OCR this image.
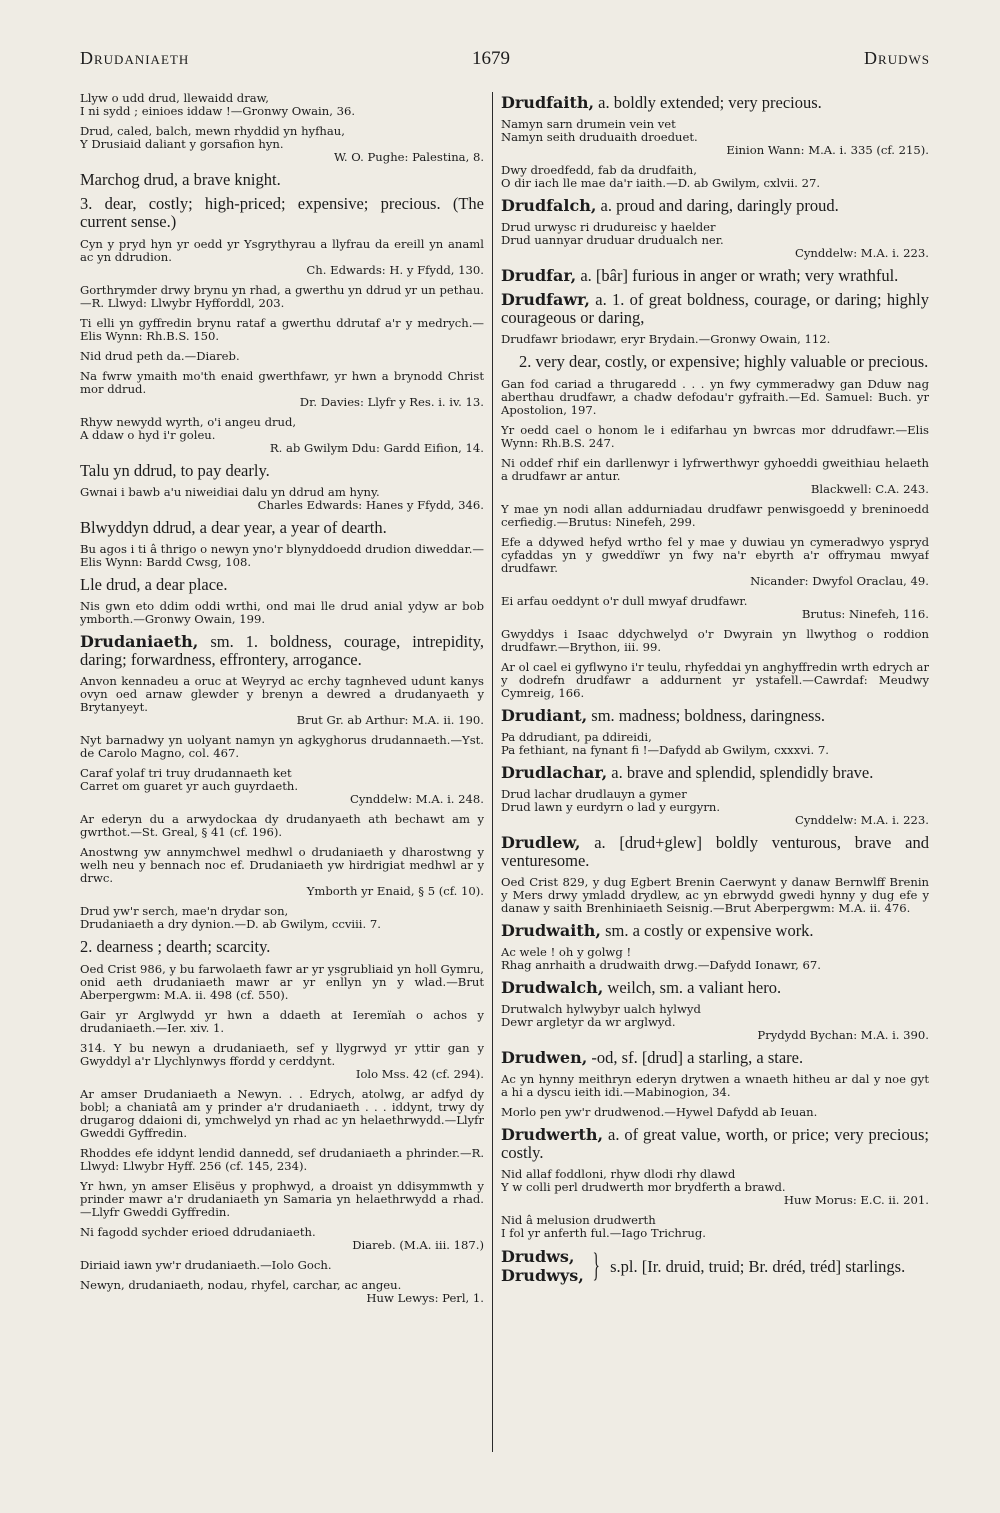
Drudaniaeth	1679	Drudws
Llyw o udd drud, llewaidd draw,
I ni sydd ; einioes iddaw !—Gronwy Owain, 36.
Drud, caled, balch, mewn rhyddid yn hyfhau,
Y Drusiaid daliant y gorsafion hyn.
W. O. Pughe: Palestina, 8.
Marchog drud, a brave knight.
3. dear, costly; high-priced; expensive; precious. (The current sense.)
Cyn y pryd hyn yr oedd yr Ysgrythyrau a llyfrau da ereill yn anaml ac yn ddrudion.
Ch. Edwards: H. y Ffydd, 130.
Gorthrymder drwy brynu yn rhad, a gwerthu yn ddrud yr un pethau.—R. Llwyd: Llwybr Hyfforddl, 203.
Ti elli yn gyffredin brynu rataf a gwerthu ddrutaf a'r y medrych.—Elis Wynn: Rh.B.S. 150.
Nid drud peth da.—Diareb.
Na fwrw ymaith mo'th enaid gwerthfawr, yr hwn a brynodd Christ mor ddrud.
Dr. Davies: Llyfr y Res. i. iv. 13.
Rhyw newydd wyrth, o'i angeu drud,
A ddaw o hyd i'r goleu.
R. ab Gwilym Ddu: Gardd Eifion, 14.
Talu yn ddrud, to pay dearly.
Gwnai i bawb a'u niweidiai dalu yn ddrud am hyny.
Charles Edwards: Hanes y Ffydd, 346.
Blwyddyn ddrud, a dear year, a year of dearth.
Bu agos i ti â thrigo o newyn yno'r blynyddoedd drudion diweddar.—Elis Wynn: Bardd Cwsg, 108.
Lle drud, a dear place.
Nis gwn eto ddim oddi wrthi, ond mai lle drud anial ydyw ar bob ymborth.—Gronwy Owain, 199.
Drudaniaeth, sm. 1. boldness, courage, intrepidity, daring; forwardness, effrontery, arrogance.
Anvon kennadeu a oruc at Weyryd ac erchy tagnheved udunt kanys ovyn oed arnaw glewder y brenyn a dewred a drudanyaeth y Brytanyeyt.
Brut Gr. ab Arthur: M.A. ii. 190.
Nyt barnadwy yn uolyant namyn yn agkyghorus drudannaeth.—Yst. de Carolo Magno, col. 467.
Caraf yolaf tri truy drudannaeth ket
Carret om guaret yr auch guyrdaeth.
Cynddelw: M.A. i. 248.
Ar ederyn du a arwydockaa dy drudanyaeth ath bechawt am y gwrthot.—St. Greal, § 41 (cf. 196).
Anostwng yw annymchwel medhwl o drudaniaeth y dharostwng y welh neu y bennach noc ef. Drudaniaeth yw hirdrigiat medhwl ar y drwc.
Ymborth yr Enaid, § 5 (cf. 10).
Drud yw'r serch, mae'n drydar son,
Drudaniaeth a dry dynion.—D. ab Gwilym, ccviii. 7.
2. dearness ; dearth; scarcity.
Oed Crist 986, y bu farwolaeth fawr ar yr ysgrubliaid yn holl Gymru, onid aeth drudaniaeth mawr ar yr enllyn yn y wlad.—Brut Aberpergwm: M.A. ii. 498 (cf. 550).
Gair yr Arglwydd yr hwn a ddaeth at Ieremïah o achos y drudaniaeth.—Ier. xiv. 1.
314. Y bu newyn a drudaniaeth, sef y llygrwyd yr yttir gan y Gwyddyl a'r Llychlynwys ffordd y cerddynt.
Iolo Mss. 42 (cf. 294).
Ar amser Drudaniaeth a Newyn. . . Edrych, atolwg, ar adfyd dy bobl; a chaniatâ am y prinder a'r drudaniaeth . . . iddynt, trwy dy drugarog ddaioni di, ymchwelyd yn rhad ac yn helaethrwydd.—Llyfr Gweddi Gyffredin.
Rhoddes efe iddynt lendid dannedd, sef drudaniaeth a phrinder.—R. Llwyd: Llwybr Hyff. 256 (cf. 145, 234).
Yr hwn, yn amser Elisëus y prophwyd, a droaist yn ddisymmwth y prinder mawr a'r drudaniaeth yn Samaria yn helaethrwydd a rhad.—Llyfr Gweddi Gyffredin.
Ni fagodd sychder erioed ddrudaniaeth.
Diareb. (M.A. iii. 187.)
Diriaid iawn yw'r drudaniaeth.—Iolo Goch.
Newyn, drudaniaeth, nodau, rhyfel, carchar, ac angeu.
Huw Lewys: Perl, 1.
Drudfaith, a. boldly extended; very precious.
Namyn sarn drumein vein vet
Namyn seith druduaith droeduet.
Einion Wann: M.A. i. 335 (cf. 215).
Dwy droedfedd, fab da drudfaith,
O dir iach lle mae da'r iaith.—D. ab Gwilym, cxlvii. 27.
Drudfalch, a. proud and daring, daringly proud.
Drud urwysc ri drudureisc y haelder
Drud uannyar druduar drudualch ner.
Cynddelw: M.A. i. 223.
Drudfar, a. [bâr] furious in anger or wrath; very wrathful.
Drudfawr, a. 1. of great boldness, courage, or daring; highly courageous or daring,
Drudfawr briodawr, eryr Brydain.—Gronwy Owain, 112.
2. very dear, costly, or expensive; highly valuable or precious.
Gan fod cariad a thrugaredd . . . yn fwy cymmeradwy gan Dduw nag aberthau drudfawr, a chadw defodau'r gyfraith.—Ed. Samuel: Buch. yr Apostolion, 197.
Yr oedd cael o honom le i edifarhau yn bwrcas mor ddrudfawr.—Elis Wynn: Rh.B.S. 247.
Ni oddef rhif ein darllenwyr i lyfrwerthwyr gyhoeddi gweithiau helaeth a drudfawr ar antur.
Blackwell: C.A. 243.
Y mae yn nodi allan addurniadau drudfawr penwisgoedd y breninoedd cerfiedig.—Brutus: Ninefeh, 299.
Efe a ddywed hefyd wrtho fel y mae y duwiau yn cymeradwyo yspryd cyfaddas yn y gweddïwr yn fwy na'r ebyrth a'r offrymau mwyaf drudfawr.
Nicander: Dwyfol Oraclau, 49.
Ei arfau oeddynt o'r dull mwyaf drudfawr.
Brutus: Ninefeh, 116.
Gwyddys i Isaac ddychwelyd o'r Dwyrain yn llwythog o roddion drudfawr.—Brython, iii. 99.
Ar ol cael ei gyflwyno i'r teulu, rhyfeddai yn anghyffredin wrth edrych ar y dodrefn drudfawr a addurnent yr ystafell.—Cawrdaf: Meudwy Cymreig, 166.
Drudiant, sm. madness; boldness, daringness.
Pa ddrudiant, pa ddireidi,
Pa fethiant, na fynant fi !—Dafydd ab Gwilym, cxxxvi. 7.
Drudlachar, a. brave and splendid, splendidly brave.
Drud lachar drudlauyn a gymer
Drud lawn y eurdyrn o lad y eurgyrn.
Cynddelw: M.A. i. 223.
Drudlew, a. [drud+glew] boldly venturous, brave and venturesome.
Oed Crist 829, y dug Egbert Brenin Caerwynt y danaw Bernwlff Brenin y Mers drwy ymladd drydlew, ac yn ebrwydd gwedi hynny y dug efe y danaw y saith Brenhiniaeth Seisnig.—Brut Aberpergwm: M.A. ii. 476.
Drudwaith, sm. a costly or expensive work.
Ac wele ! oh y golwg !
Rhag anrhaith a drudwaith drwg.—Dafydd Ionawr, 67.
Drudwalch, weilch, sm. a valiant hero.
Drutwalch hylwybyr ualch hylwyd
Dewr argletyr da wr arglwyd.
Prydydd Bychan: M.A. i. 390.
Drudwen, -od, sf. [drud] a starling, a stare.
Ac yn hynny meithryn ederyn drytwen a wnaeth hitheu ar dal y noe gyt a hi a dyscu ieith idi.—Mabinogion, 34.
Morlo pen yw'r drudwenod.—Hywel Dafydd ab Ieuan.
Drudwerth, a. of great value, worth, or price; very precious; costly.
Nid allaf foddloni, rhyw dlodi rhy dlawd
Y w colli perl drudwerth mor brydferth a brawd.
Huw Morus: E.C. ii. 201.
Nid â melusion drudwerth
I fol yr anferth ful.—Iago Trichrug.
Drudws,
Drudwys, } s.pl. [Ir. druid, truid; Br. dréd, tréd] starlings.
